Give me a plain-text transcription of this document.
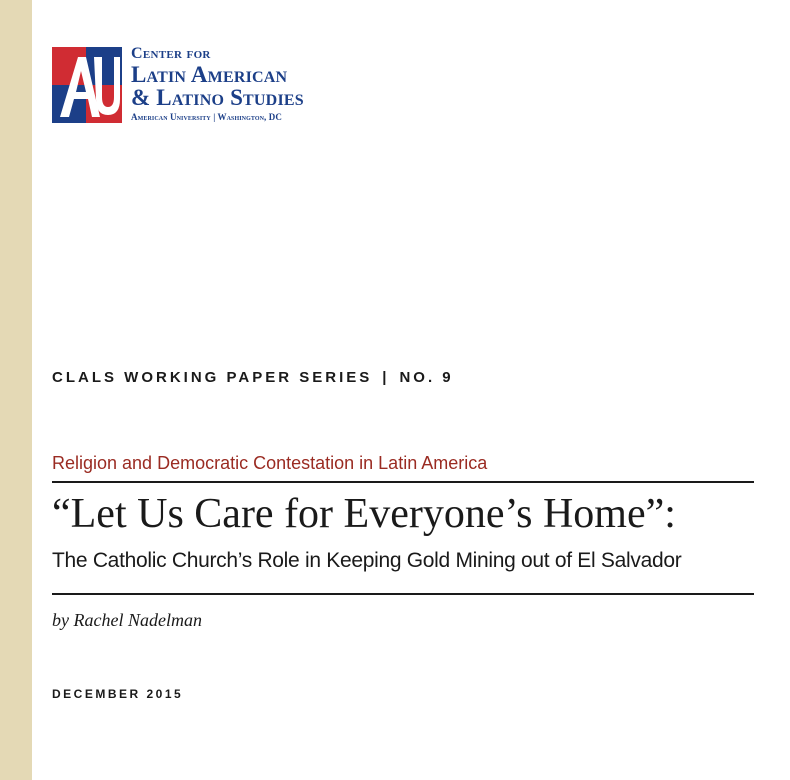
Center for
Latin American
& Latino Studies
American University | Washington, DC
CLALS WORKING PAPER SERIES | NO. 9
Religion and Democratic Contestation in Latin America
“Let Us Care for Everyone’s Home”:
The Catholic Church’s Role in Keeping Gold Mining out of El Salvador
by Rachel Nadelman
DECEMBER 2015
